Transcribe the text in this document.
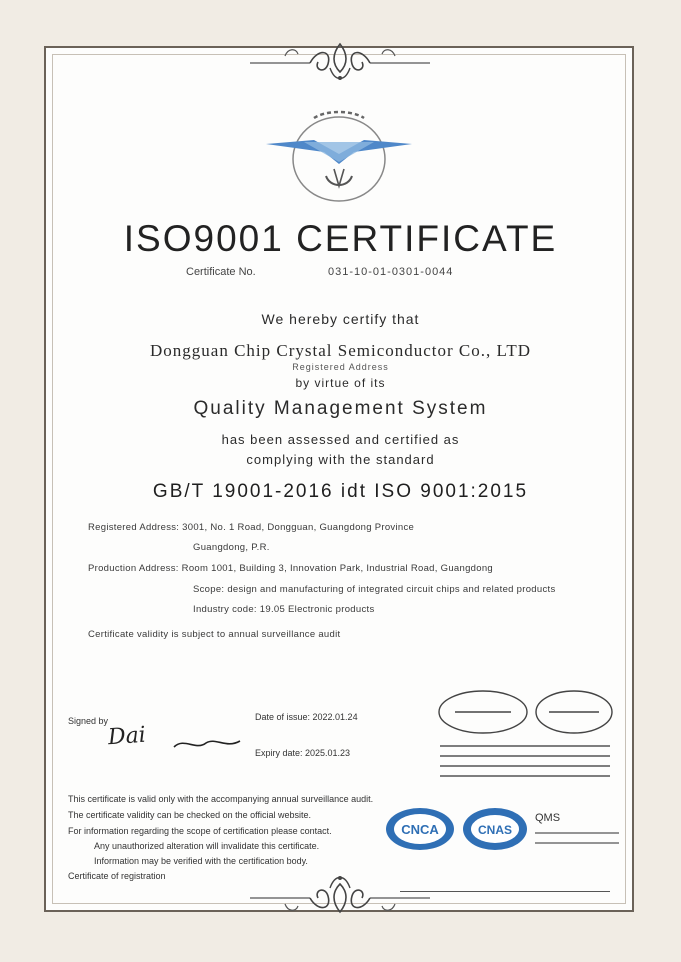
ISO9001 CERTIFICATE
Certificate No.	031-10-01-0301-0044
We hereby certify that
Dongguan Chip Crystal Semiconductor Co., LTD
Registered Address
by virtue of its
Quality Management System
has been assessed and certified as
complying with the standard
GB/T 19001-2016 idt ISO 9001:2015
Registered Address: 3001, No. 1 Road, Dongguan, Guangdong Province
Guangdong, P.R.
Production Address: Room 1001, Building 3, Innovation Park, Industrial Road, Guangdong
Scope: design and manufacturing of integrated circuit chips and related products
Industry code: 19.05 Electronic products
Certificate validity is subject to annual surveillance audit
Signed by
Dai
Date of issue: 2022.01.24
Expiry date: 2025.01.23
This certificate is valid only with the accompanying annual surveillance audit.
The certificate validity can be checked on the official website.
For information regarding the scope of certification please contact.
Any unauthorized alteration will invalidate this certificate.
Information may be verified with the certification body.
Certificate of registration
CNCA	CNAS
QMS
